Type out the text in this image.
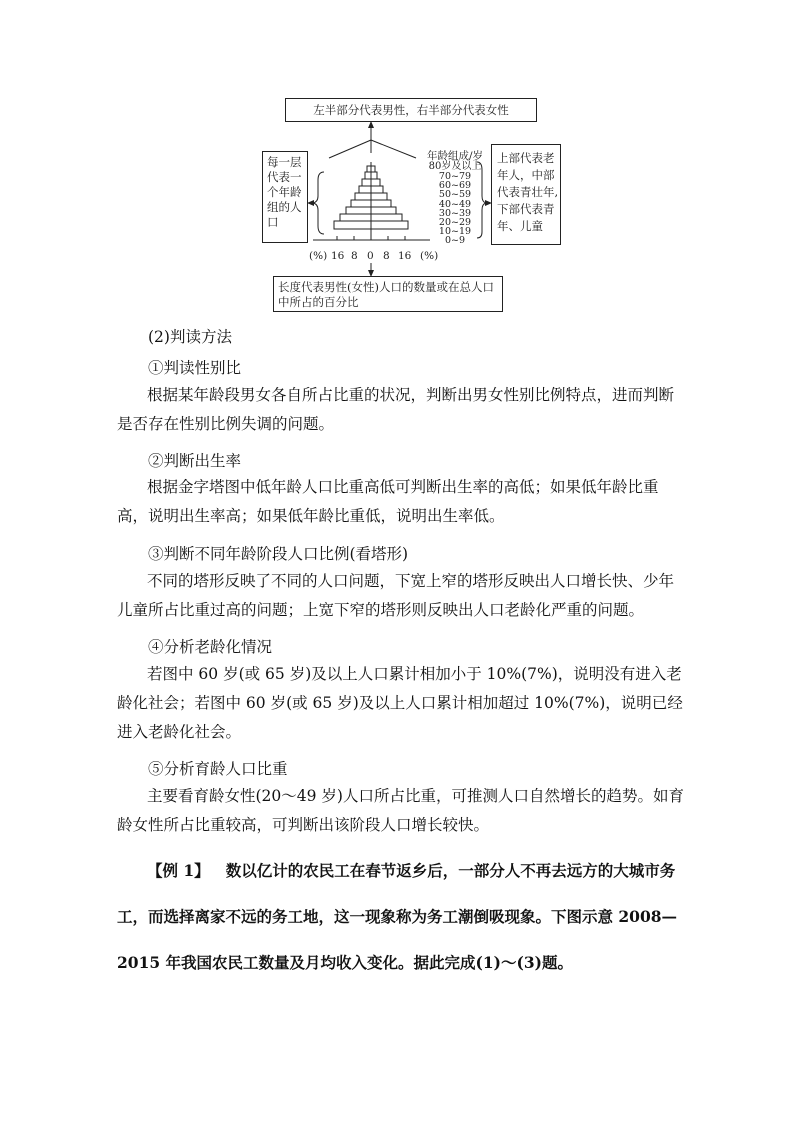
左半部分代表男性，右半部分代表女性
每一层
代表一
个年龄
组的人
口
上部代表老
年人，中部
代表青壮年,
下部代表青
年、儿童
长度代表男性(女性)人口的数量或在总人口
中所占的百分比
年龄组成/岁
80岁及以上
70~79
60~69
50~59
40~49
30~39
20~29
10~19
0~9
(%) 16 8 0 8 16 (%)
(2)判读方法
①判读性别比
根据某年龄段男女各自所占比重的状况，判断出男女性别比例特点，进而判断是否存在性别比例失调的问题。
②判断出生率
根据金字塔图中低年龄人口比重高低可判断出生率的高低；如果低年龄比重高，说明出生率高；如果低年龄比重低，说明出生率低。
③判断不同年龄阶段人口比例(看塔形)
不同的塔形反映了不同的人口问题，下宽上窄的塔形反映出人口增长快、少年儿童所占比重过高的问题；上宽下窄的塔形则反映出人口老龄化严重的问题。
④分析老龄化情况
若图中 60 岁(或 65 岁)及以上人口累计相加小于 10%(7%)，说明没有进入老龄化社会；若图中 60 岁(或 65 岁)及以上人口累计相加超过 10%(7%)，说明已经进入老龄化社会。
⑤分析育龄人口比重
主要看育龄女性(20～49 岁)人口所占比重，可推测人口自然增长的趋势。如育龄女性所占比重较高，可判断出该阶段人口增长较快。
【例 1】 数以亿计的农民工在春节返乡后，一部分人不再去远方的大城市务工，而选择离家不远的务工地，这一现象称为务工潮倒吸现象。下图示意 2008—2015 年我国农民工数量及月均收入变化。据此完成(1)～(3)题。
